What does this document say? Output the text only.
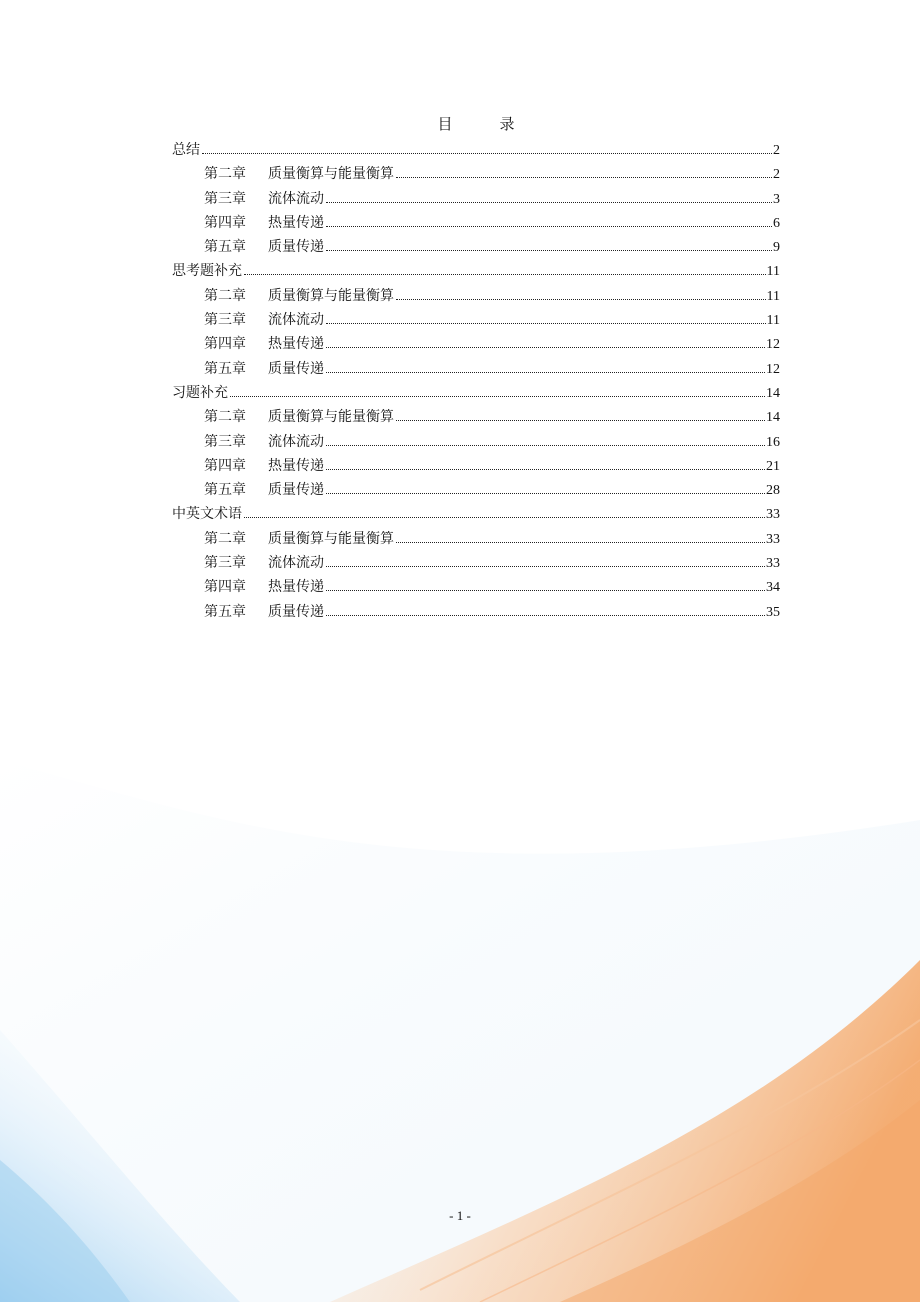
目　录
总结	2
第二章 质量衡算与能量衡算	2
第三章 流体流动	3
第四章 热量传递	6
第五章 质量传递	9
思考题补充	11
第二章 质量衡算与能量衡算	11
第三章 流体流动	11
第四章 热量传递	12
第五章 质量传递	12
习题补充	14
第二章 质量衡算与能量衡算	14
第三章 流体流动	16
第四章 热量传递	21
第五章 质量传递	28
中英文术语	33
第二章 质量衡算与能量衡算	33
第三章 流体流动	33
第四章 热量传递	34
第五章 质量传递	35
- 1 -
